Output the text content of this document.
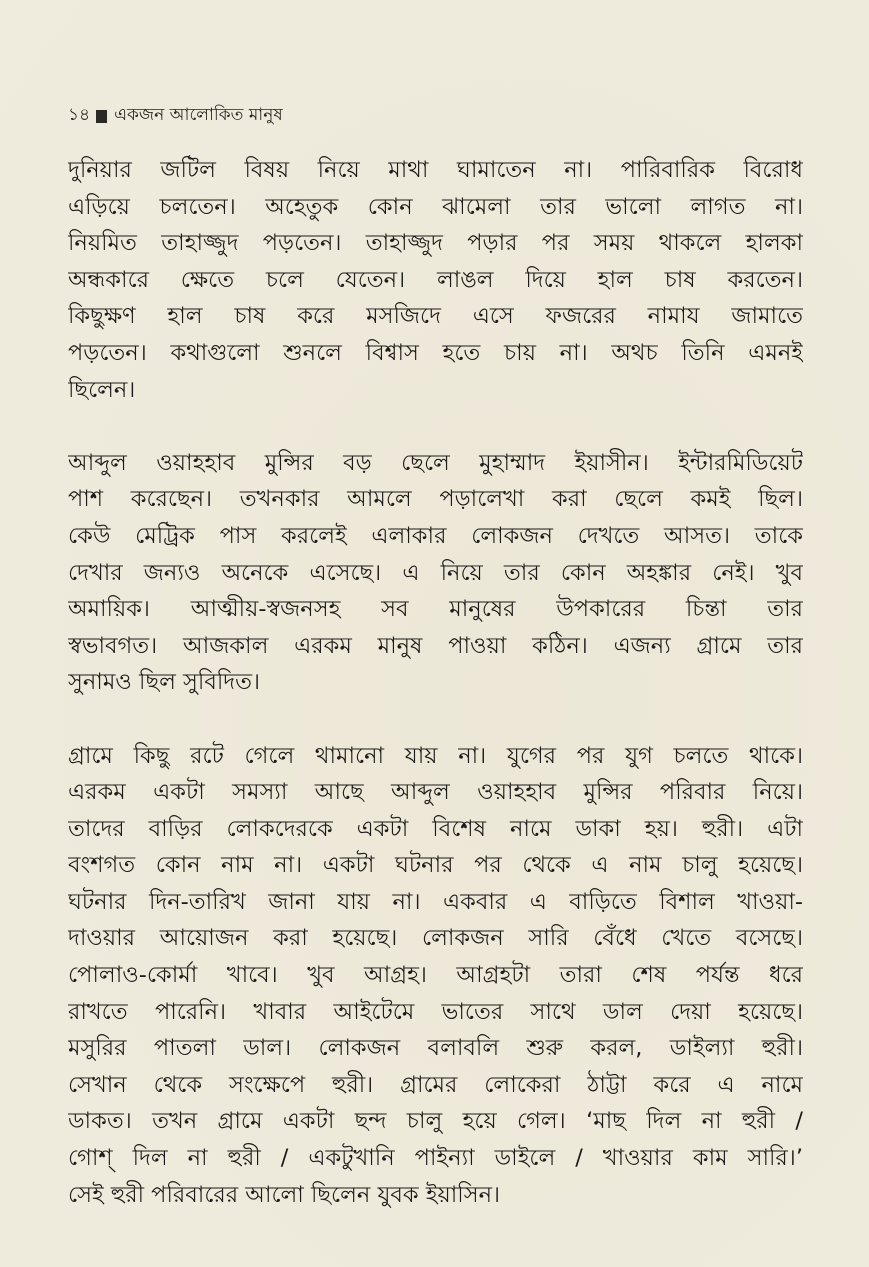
১৪ একজন আলোকিত মানুষ
দুনিয়ার জটিল বিষয় নিয়ে মাথা ঘামাতেন না। পারিবারিক বিরোধ
এড়িয়ে চলতেন। অহেতুক কোন ঝামেলা তার ভালো লাগত না।
নিয়মিত তাহাজ্জুদ পড়তেন। তাহাজ্জুদ পড়ার পর সময় থাকলে হালকা
অন্ধকারে ক্ষেতে চলে যেতেন। লাঙল দিয়ে হাল চাষ করতেন।
কিছুক্ষণ হাল চাষ করে মসজিদে এসে ফজরের নামায জামাতে
পড়তেন। কথাগুলো শুনলে বিশ্বাস হতে চায় না। অথচ তিনি এমনই
ছিলেন।
আব্দুল ওয়াহহাব মুন্সির বড় ছেলে মুহাম্মাদ ইয়াসীন। ইন্টারমিডিয়েট
পাশ করেছেন। তখনকার আমলে পড়ালেখা করা ছেলে কমই ছিল।
কেউ মেট্রিক পাস করলেই এলাকার লোকজন দেখতে আসত। তাকে
দেখার জন্যও অনেকে এসেছে। এ নিয়ে তার কোন অহঙ্কার নেই। খুব
অমায়িক। আত্মীয়-স্বজনসহ সব মানুষের উপকারের চিন্তা তার
স্বভাবগত। আজকাল এরকম মানুষ পাওয়া কঠিন। এজন্য গ্রামে তার
সুনামও ছিল সুবিদিত।
গ্রামে কিছু রটে গেলে থামানো যায় না। যুগের পর যুগ চলতে থাকে।
এরকম একটা সমস্যা আছে আব্দুল ওয়াহহাব মুন্সির পরিবার নিয়ে।
তাদের বাড়ির লোকদেরকে একটা বিশেষ নামে ডাকা হয়। হুরী। এটা
বংশগত কোন নাম না। একটা ঘটনার পর থেকে এ নাম চালু হয়েছে।
ঘটনার দিন-তারিখ জানা যায় না। একবার এ বাড়িতে বিশাল খাওয়া-
দাওয়ার আয়োজন করা হয়েছে। লোকজন সারি বেঁধে খেতে বসেছে।
পোলাও-কোর্মা খাবে। খুব আগ্রহ। আগ্রহটা তারা শেষ পর্যন্ত ধরে
রাখতে পারেনি। খাবার আইটেমে ভাতের সাথে ডাল দেয়া হয়েছে।
মসুরির পাতলা ডাল। লোকজন বলাবলি শুরু করল, ডাইল্যা হুরী।
সেখান থেকে সংক্ষেপে হুরী। গ্রামের লোকেরা ঠাট্টা করে এ নামে
ডাকত। তখন গ্রামে একটা ছন্দ চালু হয়ে গেল। ‘মাছ দিল না হুরী /
গোশ্‌ দিল না হুরী / একটুখানি পাইন্যা ডাইলে / খাওয়ার কাম সারি।’
সেই হুরী পরিবারের আলো ছিলেন যুবক ইয়াসিন।
